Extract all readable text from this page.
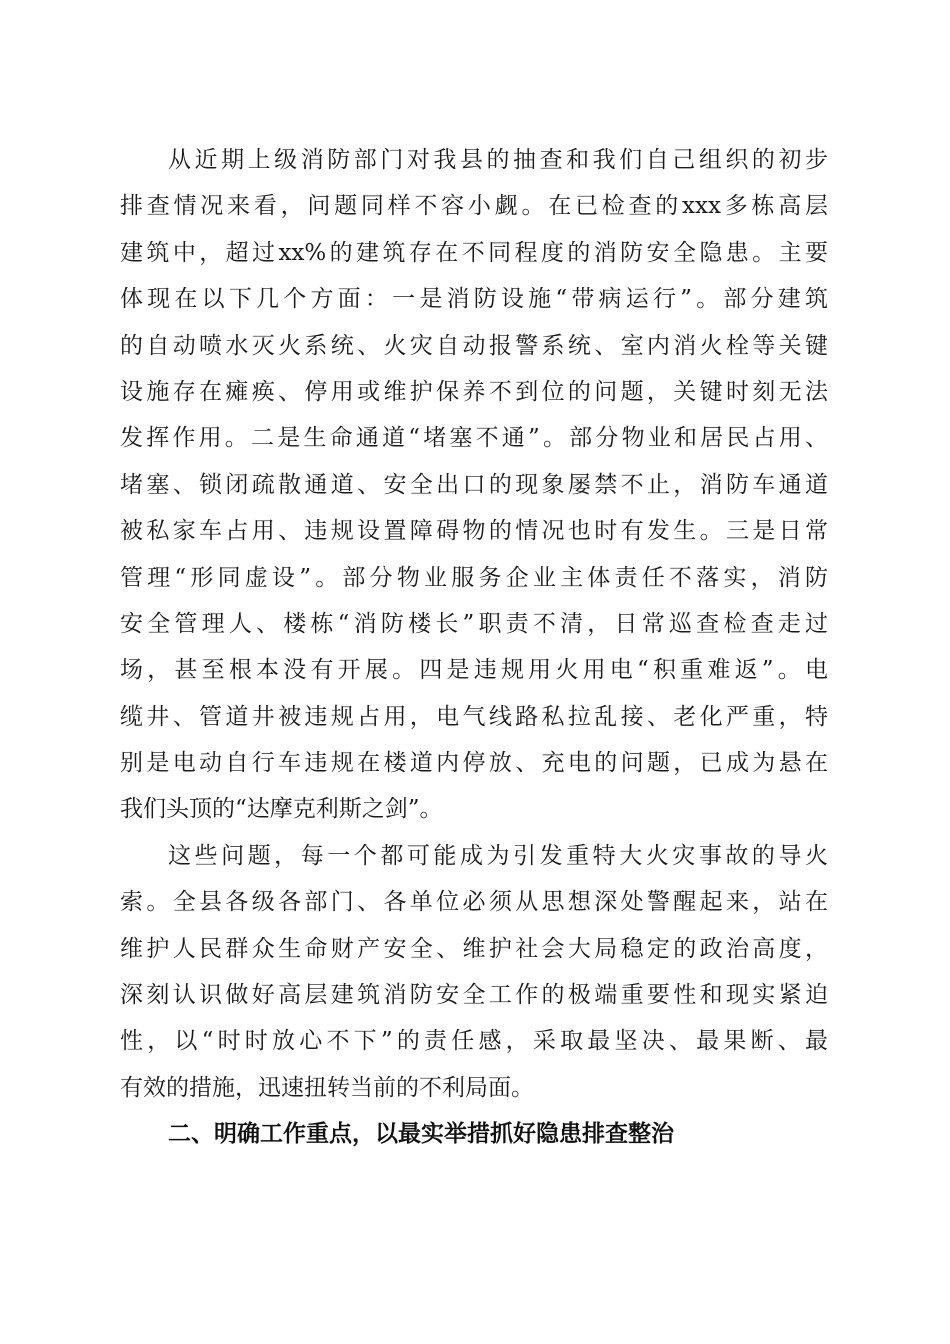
从近期上级消防部门对我县的抽查和我们自己组织的初步
排查情况来看，问题同样不容小觑。在已检查的xxx多栋高层
建筑中，超过xx%的建筑存在不同程度的消防安全隐患。主要
体现在以下几个方面：一是消防设施“带病运行”。部分建筑
的自动喷水灭火系统、火灾自动报警系统、室内消火栓等关键
设施存在瘫痪、停用或维护保养不到位的问题，关键时刻无法
发挥作用。二是生命通道“堵塞不通”。部分物业和居民占用、
堵塞、锁闭疏散通道、安全出口的现象屡禁不止，消防车通道
被私家车占用、违规设置障碍物的情况也时有发生。三是日常
管理“形同虚设”。部分物业服务企业主体责任不落实，消防
安全管理人、楼栋“消防楼长”职责不清，日常巡查检查走过
场，甚至根本没有开展。四是违规用火用电“积重难返”。电
缆井、管道井被违规占用，电气线路私拉乱接、老化严重，特
别是电动自行车违规在楼道内停放、充电的问题，已成为悬在
我们头顶的“达摩克利斯之剑”。
这些问题，每一个都可能成为引发重特大火灾事故的导火
索。全县各级各部门、各单位必须从思想深处警醒起来，站在
维护人民群众生命财产安全、维护社会大局稳定的政治高度，
深刻认识做好高层建筑消防安全工作的极端重要性和现实紧迫
性，以“时时放心不下”的责任感，采取最坚决、最果断、最
有效的措施，迅速扭转当前的不利局面。
二、明确工作重点，以最实举措抓好隐患排查整治
